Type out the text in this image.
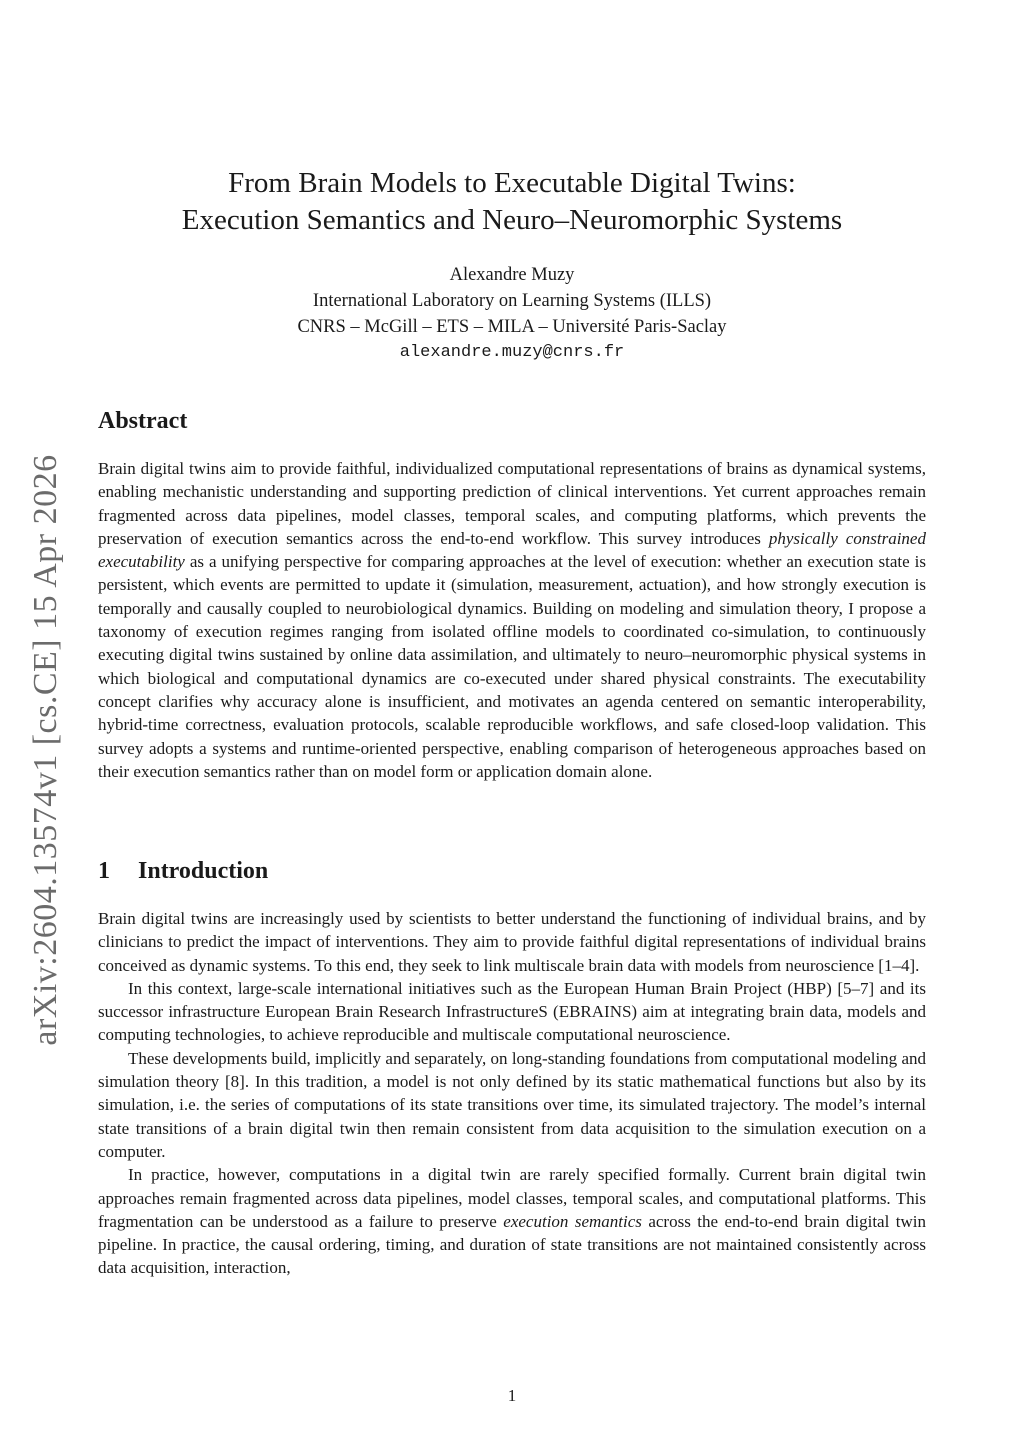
arXiv:2604.13574v1 [cs.CE] 15 Apr 2026
From Brain Models to Executable Digital Twins:
Execution Semantics and Neuro–Neuromorphic Systems
Alexandre Muzy
International Laboratory on Learning Systems (ILLS)
CNRS – McGill – ETS – MILA – Université Paris-Saclay
alexandre.muzy@cnrs.fr
Abstract

Brain digital twins aim to provide faithful, individualized computational representations of brains as dynamical systems, enabling mechanistic understanding and supporting prediction of clinical interventions. Yet current approaches remain fragmented across data pipelines, model classes, temporal scales, and computing platforms, which prevents the preservation of execution semantics across the end-to-end workflow. This survey introduces physically constrained executability as a unifying perspective for comparing approaches at the level of execution: whether an execution state is persistent, which events are permitted to update it (simulation, measurement, actuation), and how strongly execution is temporally and causally coupled to neurobiological dynamics. Building on modeling and simulation theory, I propose a taxonomy of execution regimes ranging from isolated offline models to coordinated co-simulation, to continuously executing digital twins sustained by online data assimilation, and ultimately to neuro–neuromorphic physical systems in which biological and computational dynamics are co-executed under shared physical constraints. The executability concept clarifies why accuracy alone is insufficient, and motivates an agenda centered on semantic interoperability, hybrid-time correctness, evaluation protocols, scalable reproducible workflows, and safe closed-loop validation. This survey adopts a systems and runtime-oriented perspective, enabling comparison of heterogeneous approaches based on their execution semantics rather than on model form or application domain alone.

1 Introduction

Brain digital twins are increasingly used by scientists to better understand the functioning of individual brains, and by clinicians to predict the impact of interventions. They aim to provide faithful digital representations of individual brains conceived as dynamic systems. To this end, they seek to link multiscale brain data with models from neuroscience [1–4].

In this context, large-scale international initiatives such as the European Human Brain Project (HBP) [5–7] and its successor infrastructure European Brain Research InfrastructureS (EBRAINS) aim at integrating brain data, models and computing technologies, to achieve reproducible and multiscale computational neuroscience.

These developments build, implicitly and separately, on long-standing foundations from computational modeling and simulation theory [8]. In this tradition, a model is not only defined by its static mathematical functions but also by its simulation, i.e. the series of computations of its state transitions over time, its simulated trajectory. The model’s internal state transitions of a brain digital twin then remain consistent from data acquisition to the simulation execution on a computer.

In practice, however, computations in a digital twin are rarely specified formally. Current brain digital twin approaches remain fragmented across data pipelines, model classes, temporal scales, and computational platforms. This fragmentation can be understood as a failure to preserve execution semantics across the end-to-end brain digital twin pipeline. In practice, the causal ordering, timing, and duration of state transitions are not maintained consistently across data acquisition, interaction,

1
